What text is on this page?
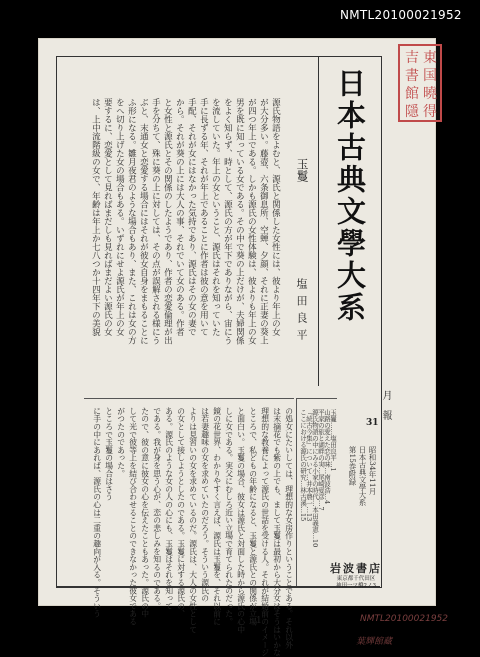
NMTL20100021952
日本古典文學大系
月報
31
昭和34年11月
日本古典文學大系
第15巻附録
玉鬘
塩田良平
源氏物語をよむと、源氏と関係した女性には、彼より年上の女
が大分多い。藤壺、六条御息所、空蝉、夕顔、それに正妻の葵上
が四つ年上である。しかも源氏の女性体験は、彼よりも年上の女
男を既に知っている女である。その中で葵の上だけが、夫婦関係
をよく知らず、時として、源氏の方が年下でありながら、宙にう
を流していた。年上の女ということ、源氏はそれを知っていた
手に長ずる年、それが年上であることに作者は彼の意を用いて
手配、それが女にはなかった気持であり、源氏はその女の妻で
から。それが葵の上には大人の事、それでいて女のある。作者
と女性と源氏とその関係のしたようであり、作者の恋愛倫理が出
手を分ちて、殊に葵の上に対しては、その点が誤解される様にう
ぶと、末通女と恋愛する場合にはそれが彼女自身をまもることに
ふ形になる。雛月夜君のような場合もあり、また、これは女の方
をへ切り上げた女の場合もある。いずれにせよ源氏が年上の女
要するに、恋愛として見ればまだしも見ればまだよい源氏の女
は、上中流階級の女で、年齢は年上か七八つか十四年下の美貌
の処女にたいしては、理想的な女房作りということである。それ以外
は末摘花でも紫の上でも、まして玉鬘は最初から大分女はそうはいかな
理想的な教養によって源氏の世話を受ける人。それが結婚前のイメージ
ところで、私どもの年齢になると、玉鬘と源氏との関係が立場
と面白い。玉鬘の場合、彼女は源氏と対面した時から源氏の心中
しに女である。実父にむしろ近い立場で育てられたのだった。
鏡の花世界、わかりやすく言えば、源氏は玉鬘を、それ以前に
は若妻趣味の女を求めていたのだろう。そういう源氏の
よりは見習いの女を求めているのだ。源氏は、大人の女性として
の女として接しようとしたのである。玉鬘に対する源氏の、
ある。源氏のような女の人の心にも、玉鬘はそれを知って
である。我が身を思う心が、恋の悲しみを知るのである。
たので、彼の意に彼女の心を伝えたこともあった。源氏の中
して光で彼等上を結び合わせることのできなかった彼女である
がつたのであった。
ところで玉鬘の場合はさう
に手の中にあれば、源氏の心は二重の趣向が入る。そういう	玉鬘……塩田良平…1
山路の愛えた恋の味…南波浩…4
平家の旅と湖畔の実…尾崎夏彦…7
源氏物語の中にみる小家の時代…本田義憲…10
『続古今集』について…井本農一…13
ここにおける源氏の研究…林古溪…15
1
岩波書店
東京都千代田区
神田一ツ橋2ノ3
NMTL20100021952
葉輝館藏
東
吉
国
書
曉
館
得
隱
